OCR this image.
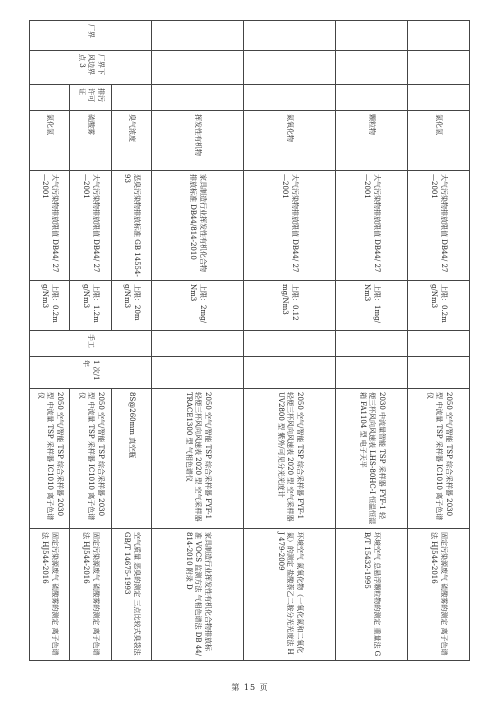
			氯化氢	大气污染物排放限值 DB44/ 27—2001	上限：0.2mg/Nm3			2050 空气/智能 TSP 综合采样器 2030 型 中流量 TSP 采样器 IC1010 离子色谱仪	固定污染源废气 硫酸雾的测定 离子色谱法 HJ544-2016
			颗粒物	大气污染物排放限值 DB44/ 27—2001	上限：1mg/Nm3			2030 中流量智能 TSP 采样器 FYF-1 轻便三杯风向风速表 LHS-80HC-I 恒温恒湿箱 FA1104 型 电子天平	环境空气 总悬浮颗粒物的测定 重量法 GB/T 15432-1995
			氮氧化物	大气污染物排放限值 DB44/ 27—2001	上限：0.12mg/Nm3			2050 空气/智能 TSP 综合采样器 FYF-1 轻便三杯风向风速表 2020 型 空气采样器 UV2800 型 紫外/可见分光光度计	环境空气 氮氧化物（一氧化氮和二氧化氮）的测定 盐酸萘乙二胺分光光度法 HJ 479-2009
			挥发性有机物	家具制造行业挥发性有机化合物排放标准 DB44/814-2010	上限：2mg/Nm3			2050 空气/智能 TSP 综合采样器 FYF-1 轻便三杯风向风速表 2020 型 空气采样器 TRACE1300 型 气相色谱仪	家具制造行业挥发性有机化合物排放标准 VOCS 监测方法 气相色谱法 DB 44/814-2010 附录 D
厂界	厂界下风边界点 3		臭气浓度	恶臭污染物排放标准 GB 14554-93	上限：20mg/Nm3	手工	1 次/1 年	8S@260mm 真空瓶	空气质量 恶臭的测定 三点比较式臭袋法 GB/T 14675-1993
		排污许可证	硫酸雾	大气污染物排放限值 DB44/ 27—2001	上限：1.2mg/Nm3			2050 空气/智能 TSP 综合采样器 2030 型 中流量 TSP 采样器 IC1010 离子色谱仪	固定污染源废气 硫酸雾的测定 离子色谱法 HJ544-2016
			氯化氢	大气污染物排放限值 DB44/ 27—2001	上限：0.2mg/Nm3			2050 空气/智能 TSP 综合采样器 2030 型 中流量 TSP 采样器 IC1010 离子色谱仪	固定污染源废气 硫酸雾的测定 离子色谱法 HJ544-2016
第 15 页
